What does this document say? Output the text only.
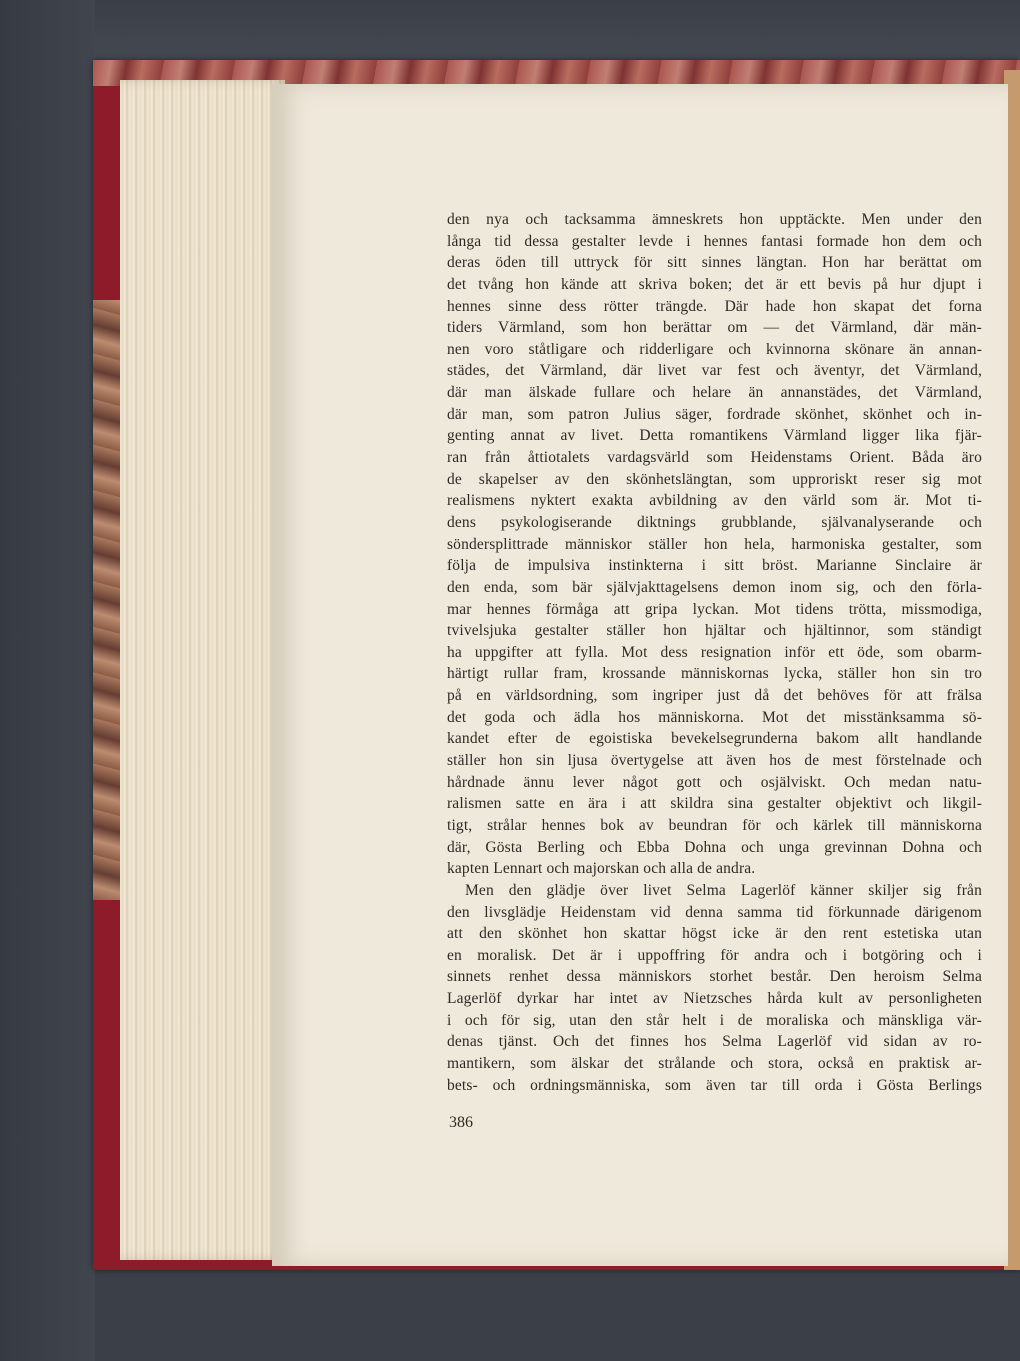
den nya och tacksamma ämneskrets hon upptäckte. Men under den
långa tid dessa gestalter levde i hennes fantasi formade hon dem och
deras öden till uttryck för sitt sinnes längtan. Hon har berättat om
det tvång hon kände att skriva boken; det är ett bevis på hur djupt i
hennes sinne dess rötter trängde. Där hade hon skapat det forna
tiders Värmland, som hon berättar om — det Värmland, där män-
nen voro ståtligare och ridderligare och kvinnorna skönare än annan-
städes, det Värmland, där livet var fest och äventyr, det Värmland,
där man älskade fullare och helare än annanstädes, det Värmland,
där man, som patron Julius säger, fordrade skönhet, skönhet och in-
genting annat av livet. Detta romantikens Värmland ligger lika fjär-
ran från åttiotalets vardagsvärld som Heidenstams Orient. Båda äro
de skapelser av den skönhetslängtan, som upproriskt reser sig mot
realismens nyktert exakta avbildning av den värld som är. Mot ti-
dens psykologiserande diktnings grubblande, självanalyserande och
söndersplittrade människor ställer hon hela, harmoniska gestalter, som
följa de impulsiva instinkterna i sitt bröst. Marianne Sinclaire är
den enda, som bär självjakttagelsens demon inom sig, och den förla-
mar hennes förmåga att gripa lyckan. Mot tidens trötta, missmodiga,
tvivelsjuka gestalter ställer hon hjältar och hjältinnor, som ständigt
ha uppgifter att fylla. Mot dess resignation inför ett öde, som obarm-
härtigt rullar fram, krossande människornas lycka, ställer hon sin tro
på en världsordning, som ingriper just då det behöves för att frälsa
det goda och ädla hos människorna. Mot det misstänksamma sö-
kandet efter de egoistiska bevekelsegrunderna bakom allt handlande
ställer hon sin ljusa övertygelse att även hos de mest förstelnade och
hårdnade ännu lever något gott och osjälviskt. Och medan natu-
ralismen satte en ära i att skildra sina gestalter objektivt och likgil-
tigt, strålar hennes bok av beundran för och kärlek till människorna
där, Gösta Berling och Ebba Dohna och unga grevinnan Dohna och
kapten Lennart och majorskan och alla de andra.
Men den glädje över livet Selma Lagerlöf känner skiljer sig från
den livsglädje Heidenstam vid denna samma tid förkunnade därigenom
att den skönhet hon skattar högst icke är den rent estetiska utan
en moralisk. Det är i uppoffring för andra och i botgöring och i
sinnets renhet dessa människors storhet består. Den heroism Selma
Lagerlöf dyrkar har intet av Nietzsches hårda kult av personligheten
i och för sig, utan den står helt i de moraliska och mänskliga vär-
denas tjänst. Och det finnes hos Selma Lagerlöf vid sidan av ro-
mantikern, som älskar det strålande och stora, också en praktisk ar-
bets- och ordningsmänniska, som även tar till orda i Gösta Berlings
386
